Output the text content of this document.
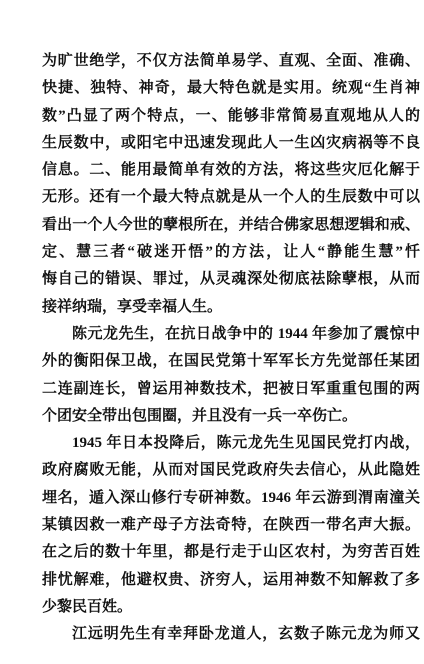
为旷世绝学，不仅方法简单易学、直观、全面、准确、
快捷、独特、神奇，最大特色就是实用。统观“生肖神
数”凸显了两个特点，一、能够非常简易直观地从人的
生辰数中，或阳宅中迅速发现此人一生凶灾病祸等不良
信息。二、能用最简单有效的方法，将这些灾厄化解于
无形。还有一个最大特点就是从一个人的生辰数中可以
看出一个人今世的孽根所在，并结合佛家思想逻辑和戒、
定、慧三者“破迷开悟”的方法，让人“静能生慧”忏
悔自己的错误、罪过，从灵魂深处彻底祛除孽根，从而
接祥纳瑞，享受幸福人生。
陈元龙先生，在抗日战争中的 1944 年参加了震惊中
外的衡阳保卫战，在国民党第十军军长方先觉部任某团
二连副连长，曾运用神数技术，把被日军重重包围的两
个团安全带出包围圈，并且没有一兵一卒伤亡。
1945 年日本投降后，陈元龙先生见国民党打内战，
政府腐败无能，从而对国民党政府失去信心，从此隐姓
埋名，遁入深山修行专研神数。1946 年云游到渭南潼关
某镇因救一难产母子方法奇特，在陕西一带名声大振。
在之后的数十年里，都是行走于山区农村，为穷苦百姓
排忧解难，他避权贵、济穷人，运用神数不知解救了多
少黎民百姓。
江远明先生有幸拜卧龙道人，玄数子陈元龙为师又
